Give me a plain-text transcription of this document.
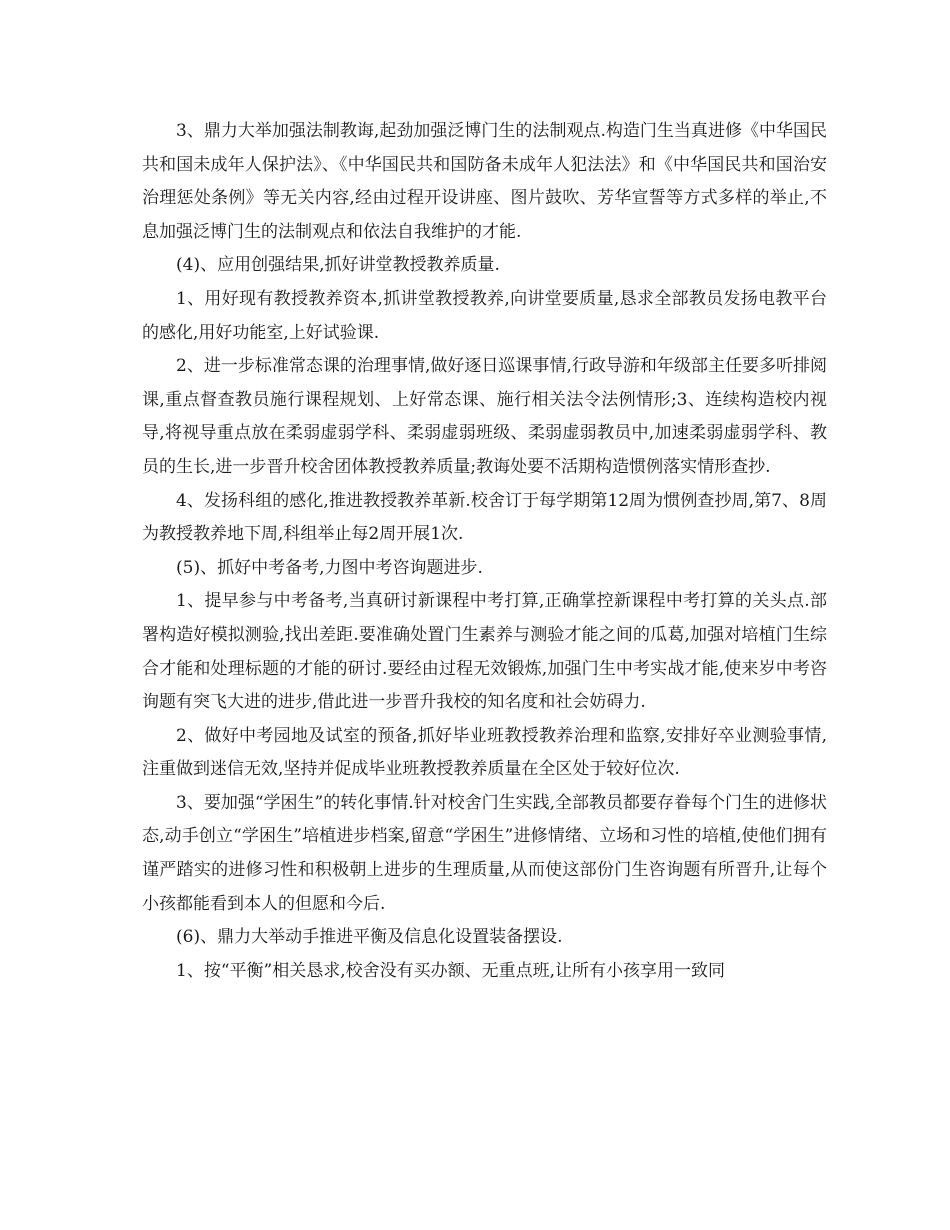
3、鼎力大举加强法制教诲,起劲加强泛博门生的法制观点.构造门生当真进修《中华国民共和国未成年人保护法》、《中华国民共和国防备未成年人犯法法》和《中华国民共和国治安治理惩处条例》等无关内容,经由过程开设讲座、图片鼓吹、芳华宣誓等方式多样的举止,不息加强泛博门生的法制观点和依法自我维护的才能.

(4)、应用创强结果,抓好讲堂教授教养质量.

1、用好现有教授教养资本,抓讲堂教授教养,向讲堂要质量,恳求全部教员发扬电教平台的感化,用好功能室,上好试验课.

2、进一步标准常态课的治理事情,做好逐日巡课事情,行政导游和年级部主任要多听排阅课,重点督查教员施行课程规划、上好常态课、施行相关法令法例情形;3、连续构造校内视导,将视导重点放在柔弱虚弱学科、柔弱虚弱班级、柔弱虚弱教员中,加速柔弱虚弱学科、教员的生长,进一步晋升校舍团体教授教养质量;教诲处要不活期构造惯例落实情形查抄.

4、发扬科组的感化,推进教授教养革新.校舍订于每学期第12周为惯例查抄周,第7、8周为教授教养地下周,科组举止每2周开展1次.

(5)、抓好中考备考,力图中考咨询题进步.

1、提早参与中考备考,当真研讨新课程中考打算,正确掌控新课程中考打算的关头点.部署构造好模拟测验,找出差距.要准确处置门生素养与测验才能之间的瓜葛,加强对培植门生综合才能和处理标题的才能的研讨.要经由过程无效锻炼,加强门生中考实战才能,使来岁中考咨询题有突飞大进的进步,借此进一步晋升我校的知名度和社会妨碍力.

2、做好中考园地及试室的预备,抓好毕业班教授教养治理和监察,安排好卒业测验事情,注重做到迷信无效,坚持并促成毕业班教授教养质量在全区处于较好位次.

3、要加强“学困生”的转化事情.针对校舍门生实践,全部教员都要存眷每个门生的进修状态,动手创立“学困生”培植进步档案,留意“学困生”进修情绪、立场和习性的培植,使他们拥有谨严踏实的进修习性和积极朝上进步的生理质量,从而使这部份门生咨询题有所晋升,让每个小孩都能看到本人的但愿和今后.

(6)、鼎力大举动手推进平衡及信息化设置装备摆设.

1、按“平衡”相关恳求,校舍没有买办额、无重点班,让所有小孩享用一致同
